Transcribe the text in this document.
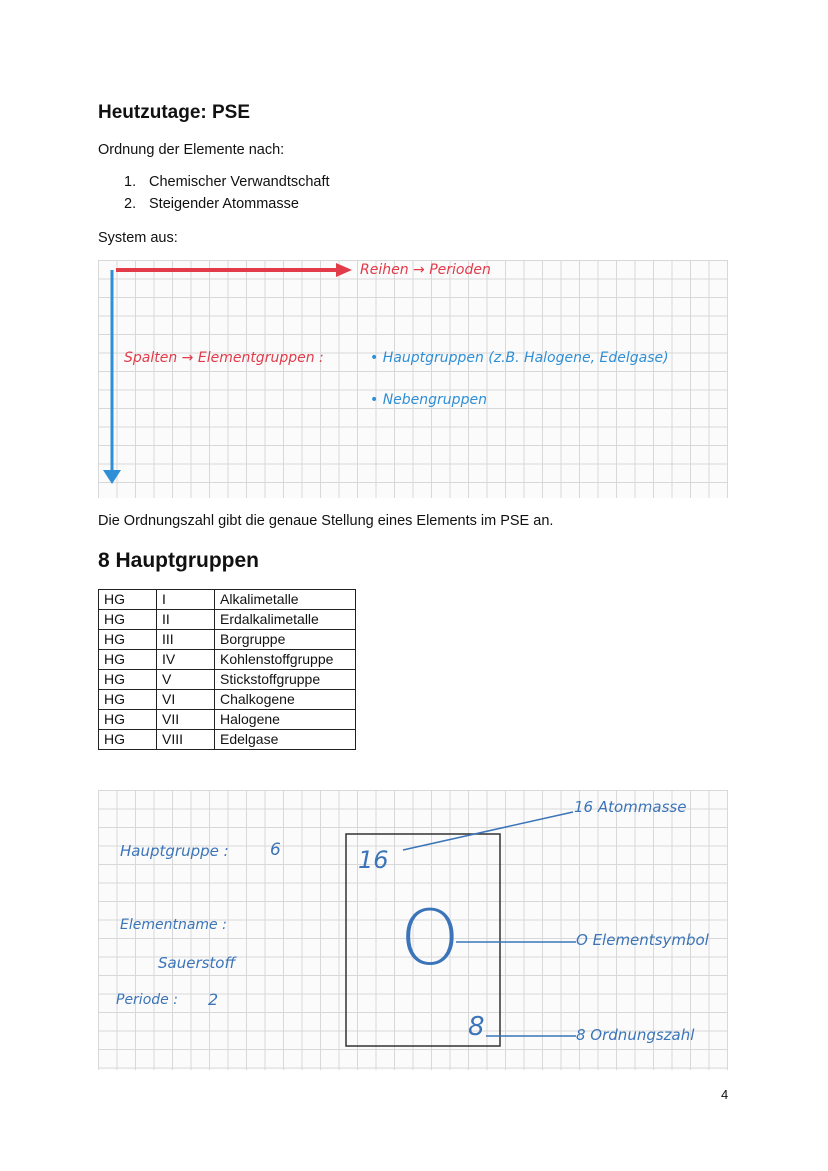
Heutzutage: PSE
Ordnung der Elemente nach:
1. Chemischer Verwandtschaft
2. Steigender Atommasse
System aus:
Reihen → Perioden
Spalten → Elementgruppen :	• Hauptgruppen (z.B. Halogene, Edelgase)
• Nebengruppen
Die Ordnungszahl gibt die genaue Stellung eines Elements im PSE an.
8 Hauptgruppen
HG	I	Alkalimetalle
HG	II	Erdalkalimetalle
HG	III	Borgruppe
HG	IV	Kohlenstoffgruppe
HG	V	Stickstoffgruppe
HG	VI	Chalkogene
HG	VII	Halogene
HG	VIII	Edelgase
Hauptgruppe : 6
Elementname :
Sauerstoff
Periode : 2
16
O
8
16 Atommasse
O Elementsymbol
8 Ordnungszahl
4
